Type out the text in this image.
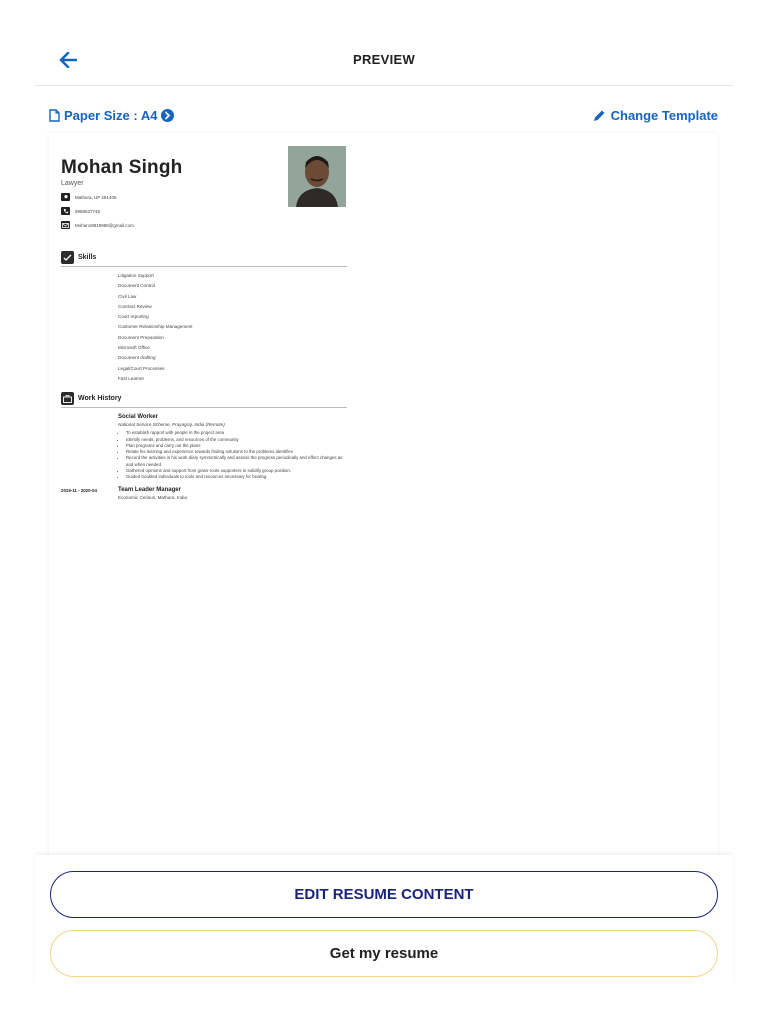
PREVIEW
Paper Size : A4	Change Template
Mohan Singh
Lawyer
Mathura, UP 281406
9988627748
Mohan18819988@gmail.com
Skills
Litigation Support
Document Control
Civil Law
Contract Review
Court reporting
Customer Relationship Management
Document Preparation
Microsoft Office
Document drafting
Legal/Court Processes
Fast Learner
Work History
Social Worker
National Service Scheme, Prayagraj, India (Remote)
• To establish rapport with people in the project area
• Identify needs, problems, and resources of the community
• Plan programs and carry out the plans
• Relate his learning and experience towards finding solutions to the problems identifies
• Record the activities in his work diary symmetrically and assess the progress periodically and effect changes as and when needed.
• Gathered opinions and support from grass-roots supporters to solidify group position.
• Guided troubled individuals to tools and resources necessary for healing.
2019-11 - 2020-04	Team Leader Manager
Economic Census, Mathura, India
EDIT RESUME CONTENT
Get my resume
